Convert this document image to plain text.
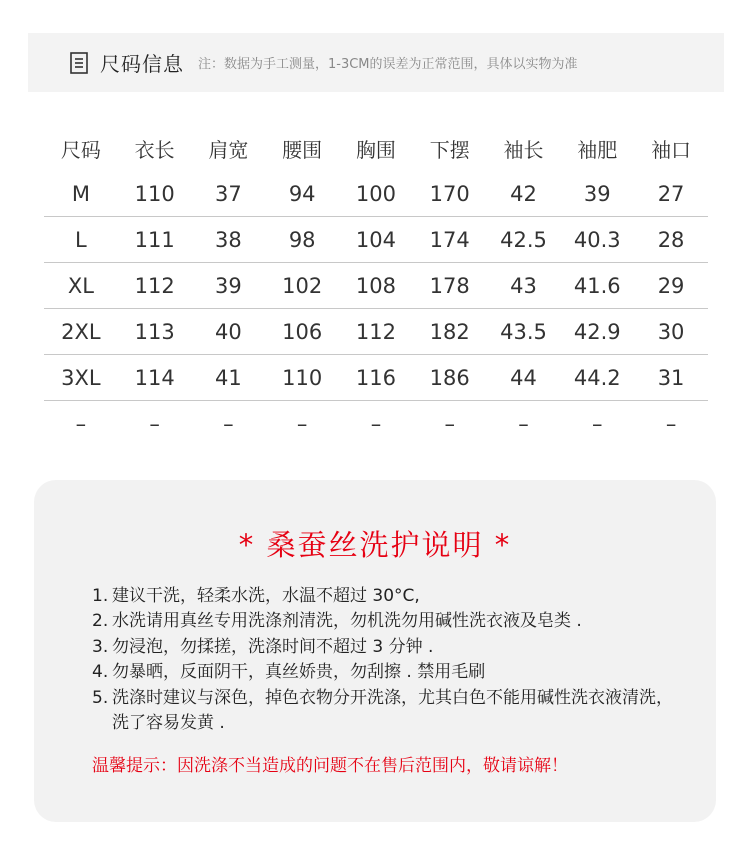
尺码信息 注：数据为手工测量，1-3CM的误差为正常范围，具体以实物为准
尺码	衣长	肩宽	腰围	胸围	下摆	袖长	袖肥	袖口
M	110	37	94	100	170	42	39	27
L	111	38	98	104	174	42.5	40.3	28
XL	112	39	102	108	178	43	41.6	29
2XL	113	40	106	112	182	43.5	42.9	30
3XL	114	41	110	116	186	44	44.2	31
–	–	–	–	–	–	–	–	–
* 桑蚕丝洗护说明 *
1. 建议干洗，轻柔水洗，水温不超过 30°C,
2. 水洗请用真丝专用洗涤剂清洗，勿机洗勿用碱性洗衣液及皂类 .
3. 勿浸泡，勿揉搓，洗涤时间不超过 3 分钟 .
4. 勿暴晒，反面阴干，真丝娇贵，勿刮擦 . 禁用毛刷
5. 洗涤时建议与深色，掉色衣物分开洗涤，尤其白色不能用碱性洗衣液清洗，洗了容易发黄 .
温馨提示：因洗涤不当造成的问题不在售后范围内，敬请谅解！
